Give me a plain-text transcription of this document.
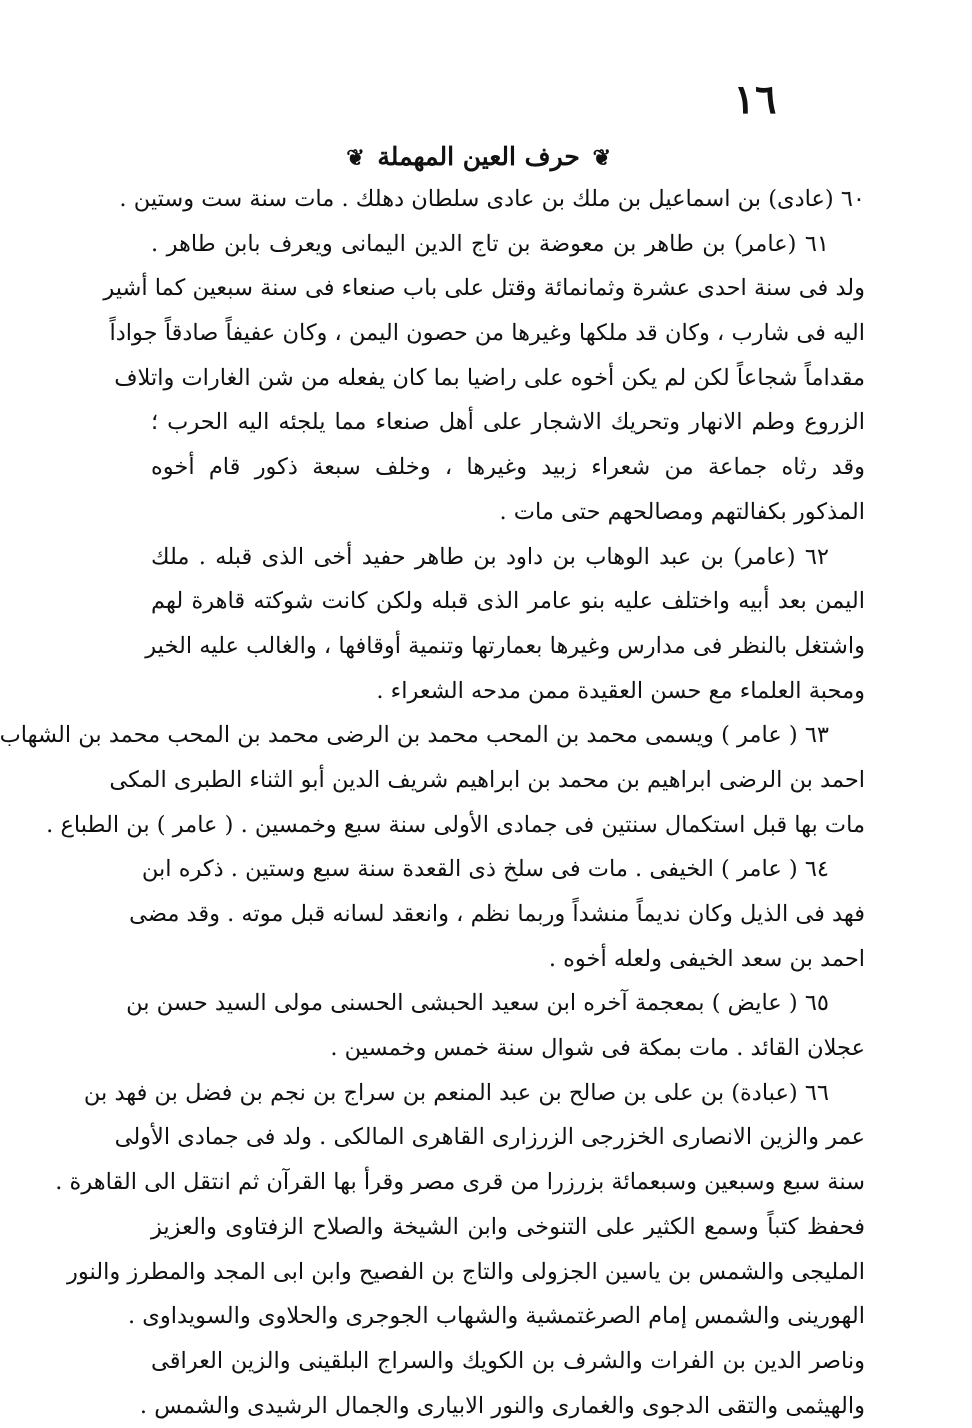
١٦
❦ حرف العين المهملة ❦
٦٠ (عادى) بن اسماعيل بن ملك بن عادى سلطان دهلك . مات سنة ست وستين .
٦١ (عامر) بن طاهر بن معوضة بن تاج الدين اليمانى ويعرف بابن طاهر .
ولد فى سنة احدى عشرة وثمانمائة وقتل على باب صنعاء فى سنة سبعين كما أشير
اليه فى شارب ، وكان قد ملكها وغيرها من حصون اليمن ، وكان عفيفاً صادقاً جواداً
مقداماً شجاعاً لكن لم يكن أخوه على راضيا بما كان يفعله من شن الغارات واتلاف
الزروع وطم الانهار وتحريك الاشجار على أهل صنعاء مما يلجئه اليه الحرب ؛
وقد رثاه جماعة من شعراء زبيد وغيرها ، وخلف سبعة ذكور قام أخوه
المذكور بكفالتهم ومصالحهم حتى مات .
٦٢ (عامر) بن عبد الوهاب بن داود بن طاهر حفيد أخى الذى قبله . ملك
اليمن بعد أبيه واختلف عليه بنو عامر الذى قبله ولكن كانت شوكته قاهرة لهم
واشتغل بالنظر فى مدارس وغيرها بعمارتها وتنمية أوقافها ، والغالب عليه الخير
ومحبة العلماء مع حسن العقيدة ممن مدحه الشعراء .
٦٣ ( عامر ) ويسمى محمد بن المحب محمد بن الرضى محمد بن المحب محمد بن الشهاب
احمد بن الرضى ابراهيم بن محمد بن ابراهيم شريف الدين أبو الثناء الطبرى المكى
مات بها قبل استكمال سنتين فى جمادى الأولى سنة سبع وخمسين . ( عامر ) بن الطباع .
٦٤ ( عامر ) الخيفى . مات فى سلخ ذى القعدة سنة سبع وستين . ذكره ابن
فهد فى الذيل وكان نديماً منشداً وربما نظم ، وانعقد لسانه قبل موته . وقد مضى
احمد بن سعد الخيفى ولعله أخوه .
٦٥ ( عايض ) بمعجمة آخره ابن سعيد الحبشى الحسنى مولى السيد حسن بن
عجلان القائد . مات بمكة فى شوال سنة خمس وخمسين .
٦٦ (عبادة) بن على بن صالح بن عبد المنعم بن سراج بن نجم بن فضل بن فهد بن
عمر والزين الانصارى الخزرجى الزرزارى القاهرى المالكى . ولد فى جمادى الأولى
سنة سبع وسبعين وسبعمائة بزرزرا من قرى مصر وقرأ بها القرآن ثم انتقل الى القاهرة .
فحفظ كتباً وسمع الكثير على التنوخى وابن الشيخة والصلاح الزفتاوى والعزيز
المليجى والشمس بن ياسين الجزولى والتاج بن الفصيح وابن ابى المجد والمطرز والنور
الهورينى والشمس إمام الصرغتمشية والشهاب الجوجرى والحلاوى والسويداوى .
وناصر الدين بن الفرات والشرف بن الكويك والسراج البلقينى والزين العراقى
والهيثمى والتقى الدجوى والغمارى والنور الابيارى والجمال الرشيدى والشمس .
